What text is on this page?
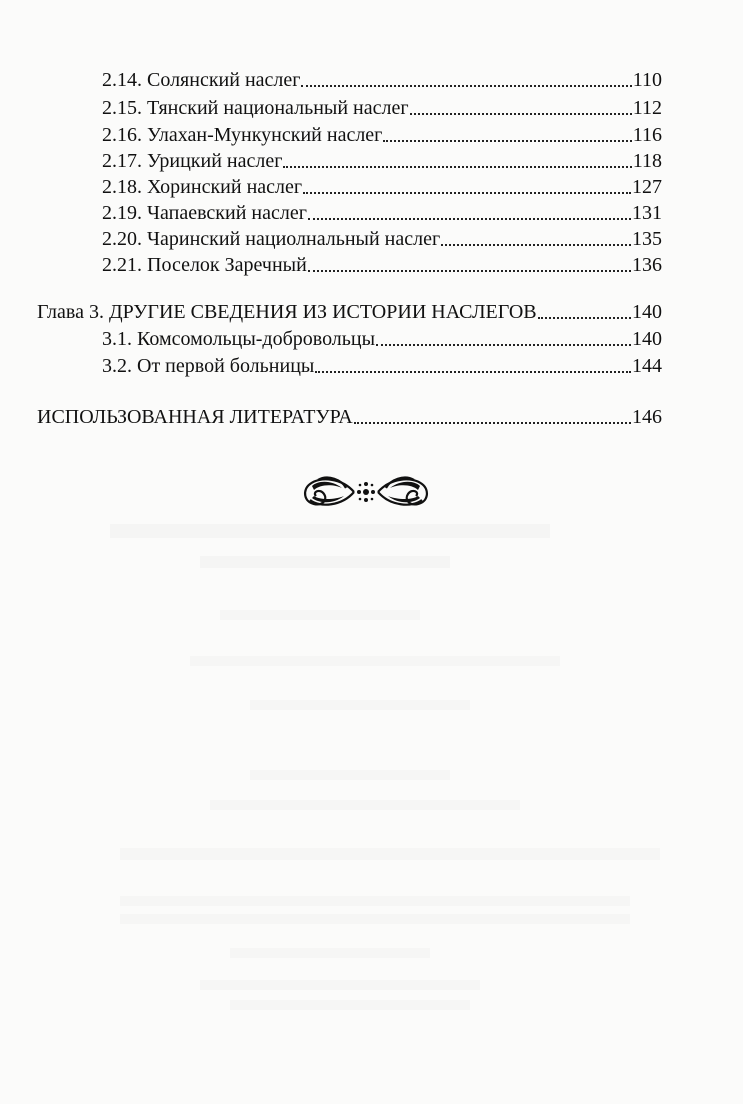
2.14. Солянский наслег	110
2.15. Тянский национальный наслег	112
2.16. Улахан-Мункунский наслег	116
2.17. Урицкий наслег	118
2.18. Хоринский наслег	127
2.19. Чапаевский наслег	131
2.20. Чаринский нациолнальный наслег	135
2.21. Поселок Заречный	136
Глава 3. ДРУГИЕ СВЕДЕНИЯ ИЗ ИСТОРИИ НАСЛЕГОВ	140
3.1. Комсомольцы-добровольцы	140
3.2. От первой больницы	144
ИСПОЛЬЗОВАННАЯ ЛИТЕРАТУРА	146
